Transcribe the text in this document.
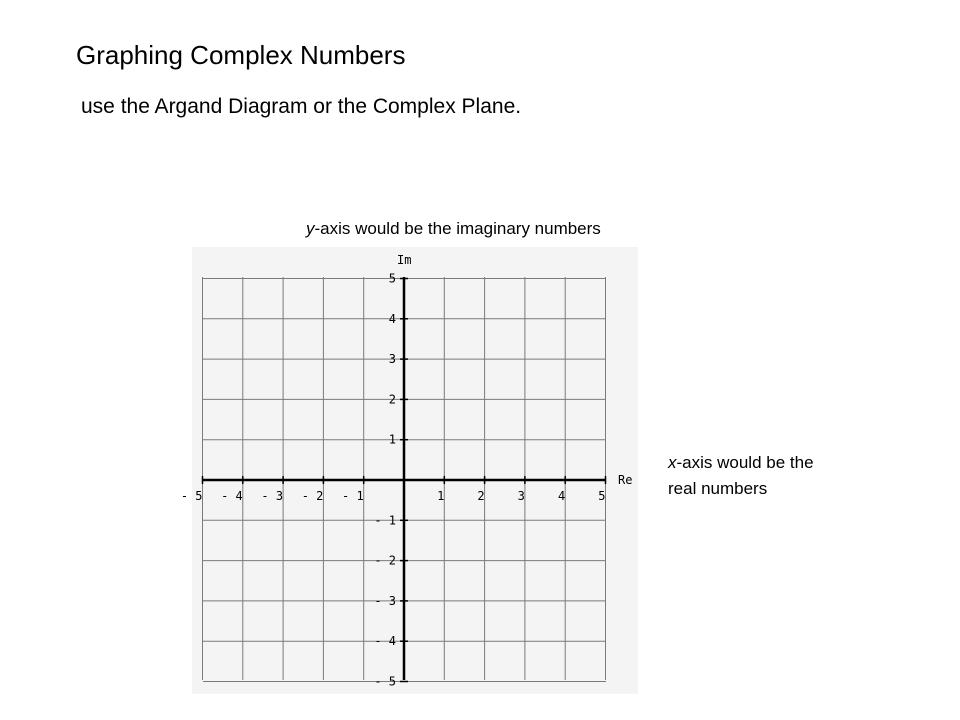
Graphing Complex Numbers
use the Argand Diagram or the Complex Plane.
y-axis would be the imaginary numbers
x-axis would be the
real numbers
- 5 - 4 - 3 - 2 - 1	1	2	3	4	5
5
4
3
2
1
- 1
- 2
- 3
- 4
- 5
Im
Re
